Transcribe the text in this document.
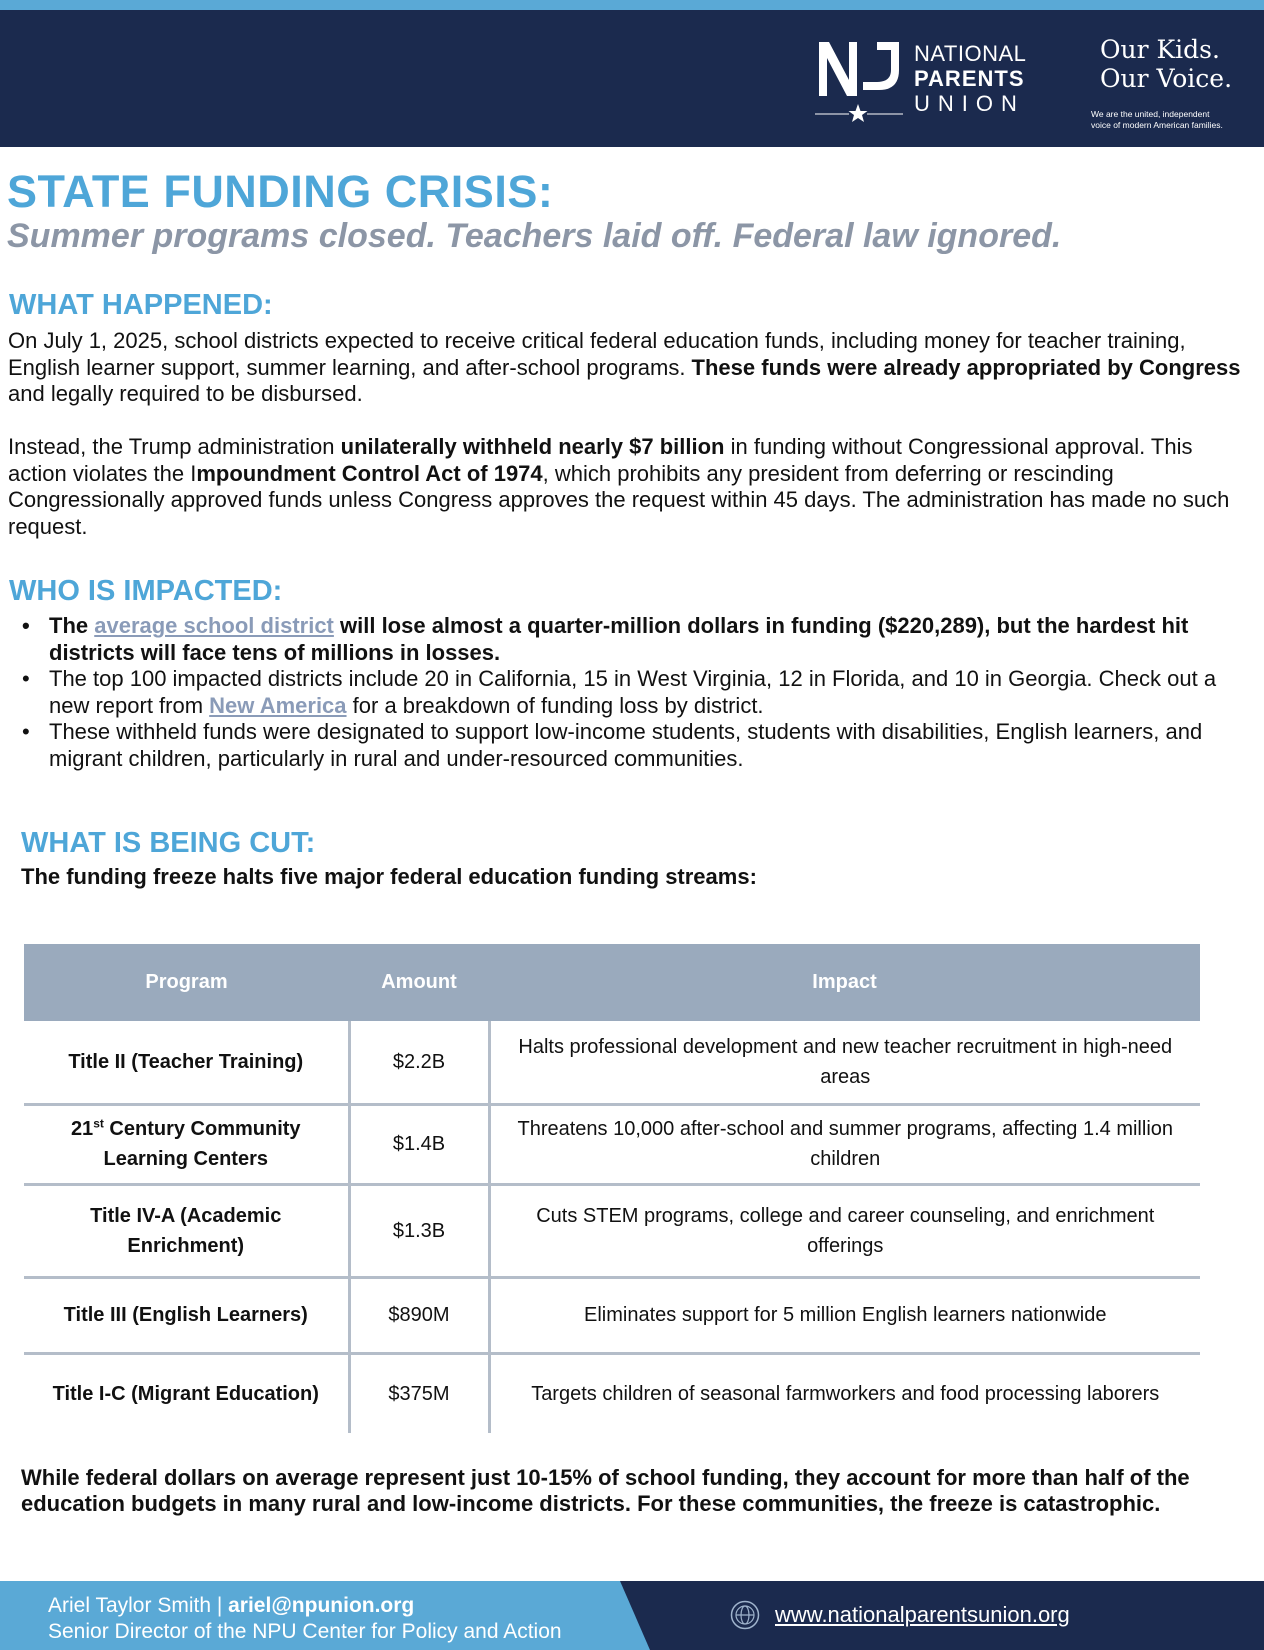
NATIONAL
PARENTS
UNION
Our Kids.
Our Voice.
We are the united, independent
voice of modern American families.
STATE FUNDING CRISIS:
Summer programs closed. Teachers laid off. Federal law ignored.
WHAT HAPPENED:

On July 1, 2025, school districts expected to receive critical federal education funds, including money for teacher training, English learner support, summer learning, and after-school programs. These funds were already appropriated by Congress and legally required to be disbursed.

Instead, the Trump administration unilaterally withheld nearly $7 billion in funding without Congressional approval. This action violates the Impoundment Control Act of 1974, which prohibits any president from deferring or rescinding Congressionally approved funds unless Congress approves the request within 45 days. The administration has made no such request.

WHO IS IMPACTED:
• The average school district will lose almost a quarter-million dollars in funding ($220,289), but the hardest hit districts will face tens of millions in losses.
• The top 100 impacted districts include 20 in California, 15 in West Virginia, 12 in Florida, and 10 in Georgia. Check out a new report from New America for a breakdown of funding loss by district.
• These withheld funds were designated to support low-income students, students with disabilities, English learners, and migrant children, particularly in rural and under-resourced communities.
WHAT IS BEING CUT:
The funding freeze halts five major federal education funding streams:
Program	Amount	Impact
Title II (Teacher Training)	$2.2B	Halts professional development and new teacher recruitment in high-need areas
21st Century Community Learning Centers	$1.4B	Threatens 10,000 after-school and summer programs, affecting 1.4 million children
Title IV-A (Academic Enrichment)	$1.3B	Cuts STEM programs, college and career counseling, and enrichment offerings
Title III (English Learners)	$890M	Eliminates support for 5 million English learners nationwide
Title I-C (Migrant Education)	$375M	Targets children of seasonal farmworkers and food processing laborers

While federal dollars on average represent just 10-15% of school funding, they account for more than half of the education budgets in many rural and low-income districts. For these communities, the freeze is catastrophic.

Ariel Taylor Smith | ariel@npunion.org
Senior Director of the NPU Center for Policy and Action
www.nationalparentsunion.org
